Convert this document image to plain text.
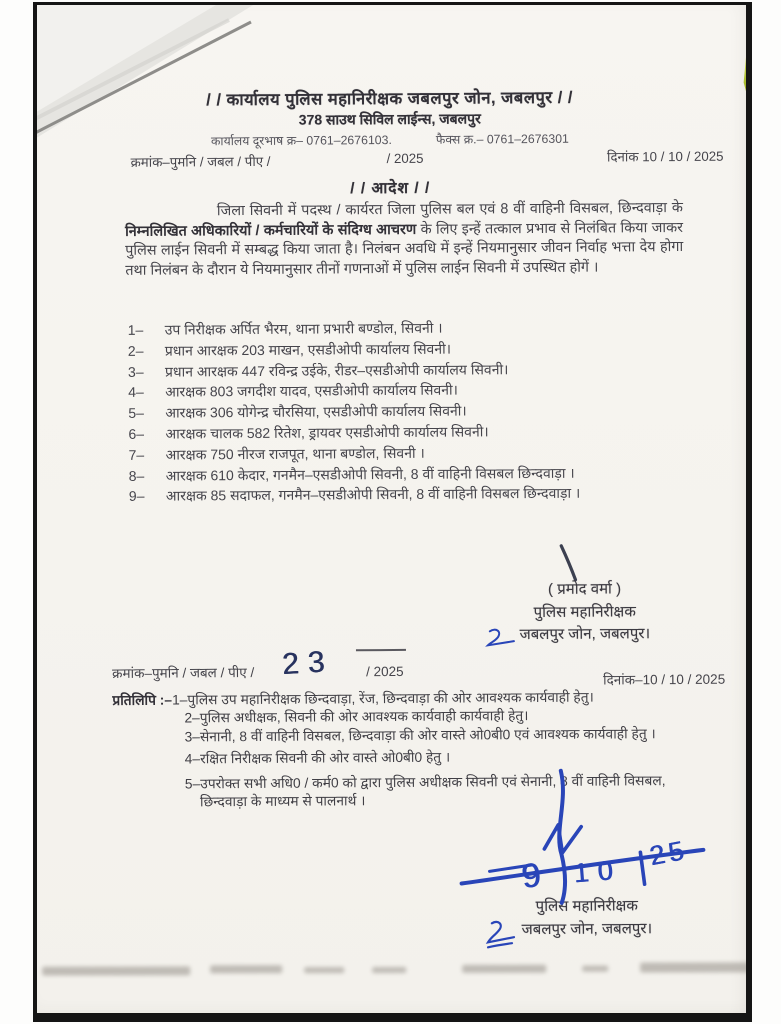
/ / कार्यालय पुलिस महानिरीक्षक जबलपुर जोन, जबलपुर / /
378 साउथ सिविल लाईन्स, जबलपुर
कार्यालय दूरभाष क्र– 0761–2676103.	फैक्स क्र.– 0761–2676301
क्रमांक–पुमनि / जबल / पीए /	/ 2025	दिनांक 10 / 10 / 2025
/ / आदेश / /
जिला सिवनी में पदस्थ / कार्यरत जिला पुलिस बल एवं 8 वीं वाहिनी विसबल, छिन्दवाड़ा के निम्नलिखित अधिकारियों / कर्मचारियों के संदिग्ध आचरण के लिए इन्हें तत्काल प्रभाव से निलंबित किया जाकर पुलिस लाईन सिवनी में सम्बद्ध किया जाता है। निलंबन अवधि में इन्हें नियमानुसार जीवन निर्वाह भत्ता देय होगा तथा निलंबन के दौरान ये नियमानुसार तीनों गणनाओं में पुलिस लाईन सिवनी में उपस्थित होगें ।
1–	उप निरीक्षक अर्पित भैरम, थाना प्रभारी बण्डोल, सिवनी ।
2–	प्रधान आरक्षक 203 माखन, एसडीओपी कार्यालय सिवनी।
3–	प्रधान आरक्षक 447 रविन्द्र उईके, रीडर–एसडीओपी कार्यालय सिवनी।
4–	आरक्षक 803 जगदीश यादव, एसडीओपी कार्यालय सिवनी।
5–	आरक्षक 306 योगेन्द्र चौरसिया, एसडीओपी कार्यालय सिवनी।
6–	आरक्षक चालक 582 रितेश, ड्रायवर एसडीओपी कार्यालय सिवनी।
7–	आरक्षक 750 नीरज राजपूत, थाना बण्डोल, सिवनी ।
8–	आरक्षक 610 केदार, गनमैन–एसडीओपी सिवनी, 8 वीं वाहिनी विसबल छिन्दवाड़ा ।
9–	आरक्षक 85 सदाफल, गनमैन–एसडीओपी सिवनी, 8 वीं वाहिनी विसबल छिन्दवाड़ा ।
( प्रमोद वर्मा )
पुलिस महानिरीक्षक
जबलपुर जोन, जबलपुर।
क्रमांक–पुमनि / जबल / पीए / 23 / 2025
दिनांक–10 / 10 / 2025
प्रतिलिपि :–1–पुलिस उप महानिरीक्षक छिन्दवाड़ा, रेंज, छिन्दवाड़ा की ओर आवश्यक कार्यवाही हेतु।
2–पुलिस अधीक्षक, सिवनी की ओर आवश्यक कार्यवाही कार्यवाही हेतु।
3–सेनानी, 8 वीं वाहिनी विसबल, छिन्दवाड़ा की ओर वास्ते ओ0बी0 एवं आवश्यक कार्यवाही हेतु ।
4–रक्षित निरीक्षक सिवनी की ओर वास्ते ओ0बी0 हेतु ।
5–उपरोक्त सभी अधि0 / कर्म0 को द्वारा पुलिस अधीक्षक सिवनी एवं सेनानी, 8 वीं वाहिनी विसबल, छिन्दवाड़ा के माध्यम से पालनार्थ ।
9 10
25
पुलिस महानिरीक्षक
जबलपुर जोन, जबलपुर।
